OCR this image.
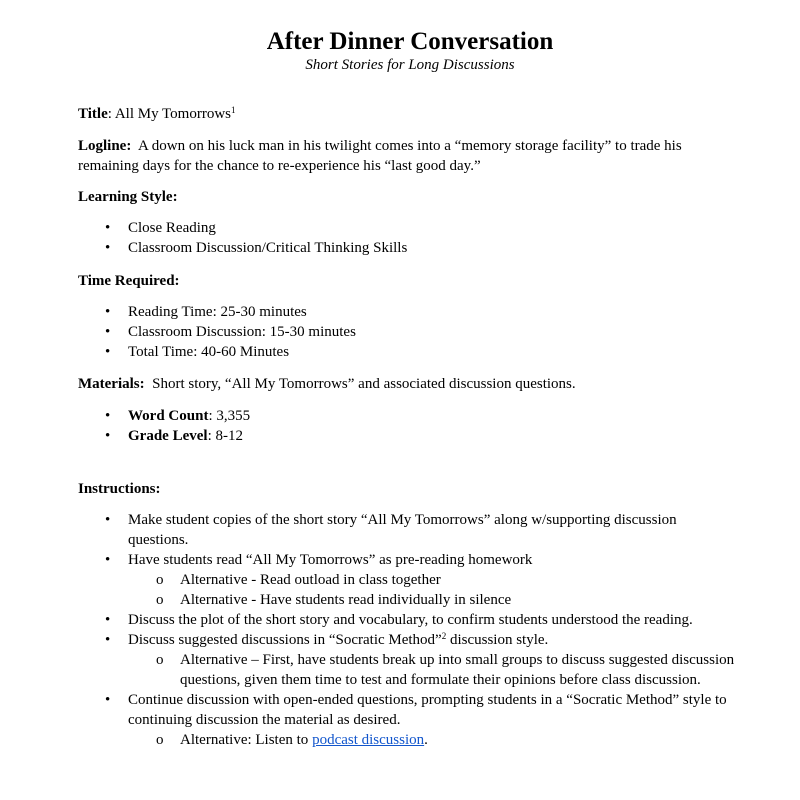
After Dinner Conversation
Short Stories for Long Discussions

Title: All My Tomorrows$^1$

Logline: A down on his luck man in his twilight comes into a “memory storage facility” to trade his remaining days for the chance to re-experience his “last good day.”

Learning Style:
• Close Reading
• Classroom Discussion/Critical Thinking Skills
Time Required:
• Reading Time: 25-30 minutes
• Classroom Discussion: 15-30 minutes
• Total Time: 40-60 Minutes

Materials: Short story, “All My Tomorrows” and associated discussion questions.

• Word Count: 3,355
• Grade Level: 8-12
Instructions:
• Make student copies of the short story “All My Tomorrows” along w/supporting discussion questions.
• Have students read “All My Tomorrows” as pre-reading homework
o Alternative - Read outload in class together
o Alternative - Have students read individually in silence
• Discuss the plot of the short story and vocabulary, to confirm students understood the reading.
• Discuss suggested discussions in “Socratic Method”$^2$ discussion style.
o Alternative – First, have students break up into small groups to discuss suggested discussion questions, given them time to test and formulate their opinions before class discussion.
• Continue discussion with open-ended questions, prompting students in a “Socratic Method” style to continuing discussion the material as desired.
o Alternative: Listen to podcast discussion.
